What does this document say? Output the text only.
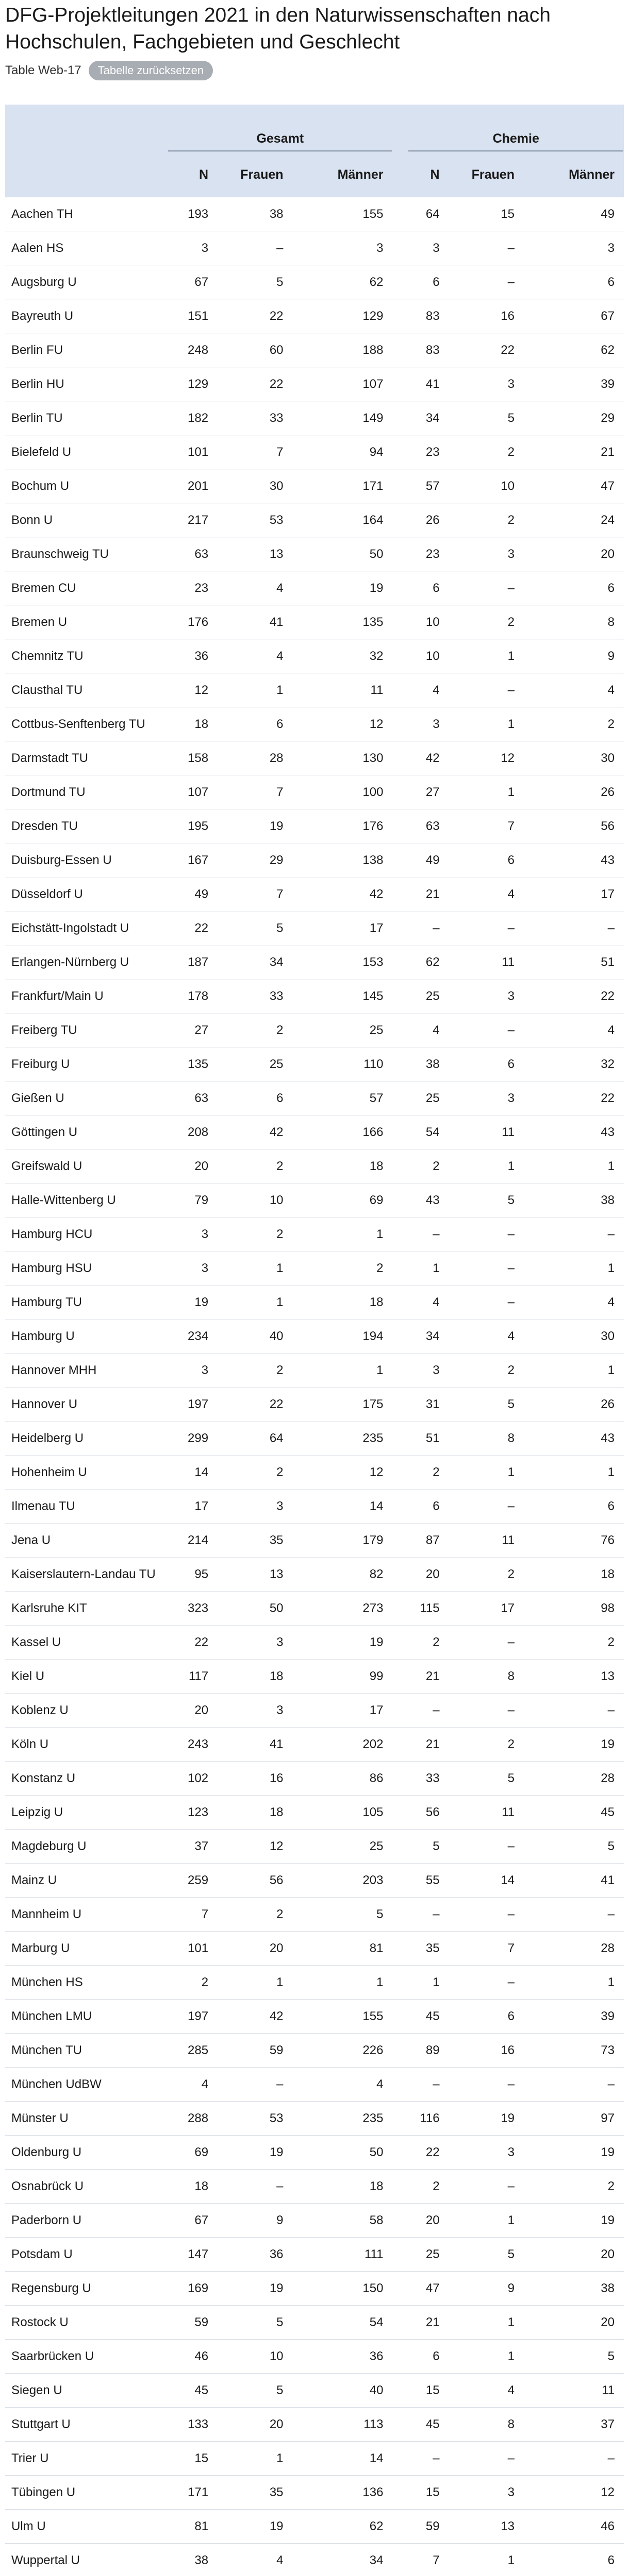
DFG-Projektleitungen 2021 in den Naturwissenschaften nach Hochschulen, Fachgebieten und Geschlecht
Table Web-17	Tabelle zurücksetzen

	Gesamt			Chemie		

	N	Frauen	Männer	N	Frauen	Männer
Aachen TH	193	38	155	64	15	49
Aalen HS	3	–	3	3	–	3
Augsburg U	67	5	62	6	–	6
Bayreuth U	151	22	129	83	16	67
Berlin FU	248	60	188	83	22	62
Berlin HU	129	22	107	41	3	39
Berlin TU	182	33	149	34	5	29
Bielefeld U	101	7	94	23	2	21
Bochum U	201	30	171	57	10	47
Bonn U	217	53	164	26	2	24
Braunschweig TU	63	13	50	23	3	20
Bremen CU	23	4	19	6	–	6
Bremen U	176	41	135	10	2	8
Chemnitz TU	36	4	32	10	1	9
Clausthal TU	12	1	11	4	–	4
Cottbus-Senftenberg TU	18	6	12	3	1	2
Darmstadt TU	158	28	130	42	12	30
Dortmund TU	107	7	100	27	1	26
Dresden TU	195	19	176	63	7	56
Duisburg-Essen U	167	29	138	49	6	43
Düsseldorf U	49	7	42	21	4	17
Eichstätt-Ingolstadt U	22	5	17	–	–	–
Erlangen-Nürnberg U	187	34	153	62	11	51
Frankfurt/Main U	178	33	145	25	3	22
Freiberg TU	27	2	25	4	–	4
Freiburg U	135	25	110	38	6	32
Gießen U	63	6	57	25	3	22
Göttingen U	208	42	166	54	11	43
Greifswald U	20	2	18	2	1	1
Halle-Wittenberg U	79	10	69	43	5	38
Hamburg HCU	3	2	1	–	–	–
Hamburg HSU	3	1	2	1	–	1
Hamburg TU	19	1	18	4	–	4
Hamburg U	234	40	194	34	4	30
Hannover MHH	3	2	1	3	2	1
Hannover U	197	22	175	31	5	26
Heidelberg U	299	64	235	51	8	43
Hohenheim U	14	2	12	2	1	1
Ilmenau TU	17	3	14	6	–	6
Jena U	214	35	179	87	11	76
Kaiserslautern-Landau TU	95	13	82	20	2	18
Karlsruhe KIT	323	50	273	115	17	98
Kassel U	22	3	19	2	–	2
Kiel U	117	18	99	21	8	13
Koblenz U	20	3	17	–	–	–
Köln U	243	41	202	21	2	19
Konstanz U	102	16	86	33	5	28
Leipzig U	123	18	105	56	11	45
Magdeburg U	37	12	25	5	–	5
Mainz U	259	56	203	55	14	41
Mannheim U	7	2	5	–	–	–
Marburg U	101	20	81	35	7	28
München HS	2	1	1	1	–	1
München LMU	197	42	155	45	6	39
München TU	285	59	226	89	16	73
München UdBW	4	–	4	–	–	–
Münster U	288	53	235	116	19	97
Oldenburg U	69	19	50	22	3	19
Osnabrück U	18	–	18	2	–	2
Paderborn U	67	9	58	20	1	19
Potsdam U	147	36	111	25	5	20
Regensburg U	169	19	150	47	9	38
Rostock U	59	5	54	21	1	20
Saarbrücken U	46	10	36	6	1	5
Siegen U	45	5	40	15	4	11
Stuttgart U	133	20	113	45	8	37
Trier U	15	1	14	–	–	–
Tübingen U	171	35	136	15	3	12
Ulm U	81	19	62	59	13	46
Wuppertal U	38	4	34	7	1	6
